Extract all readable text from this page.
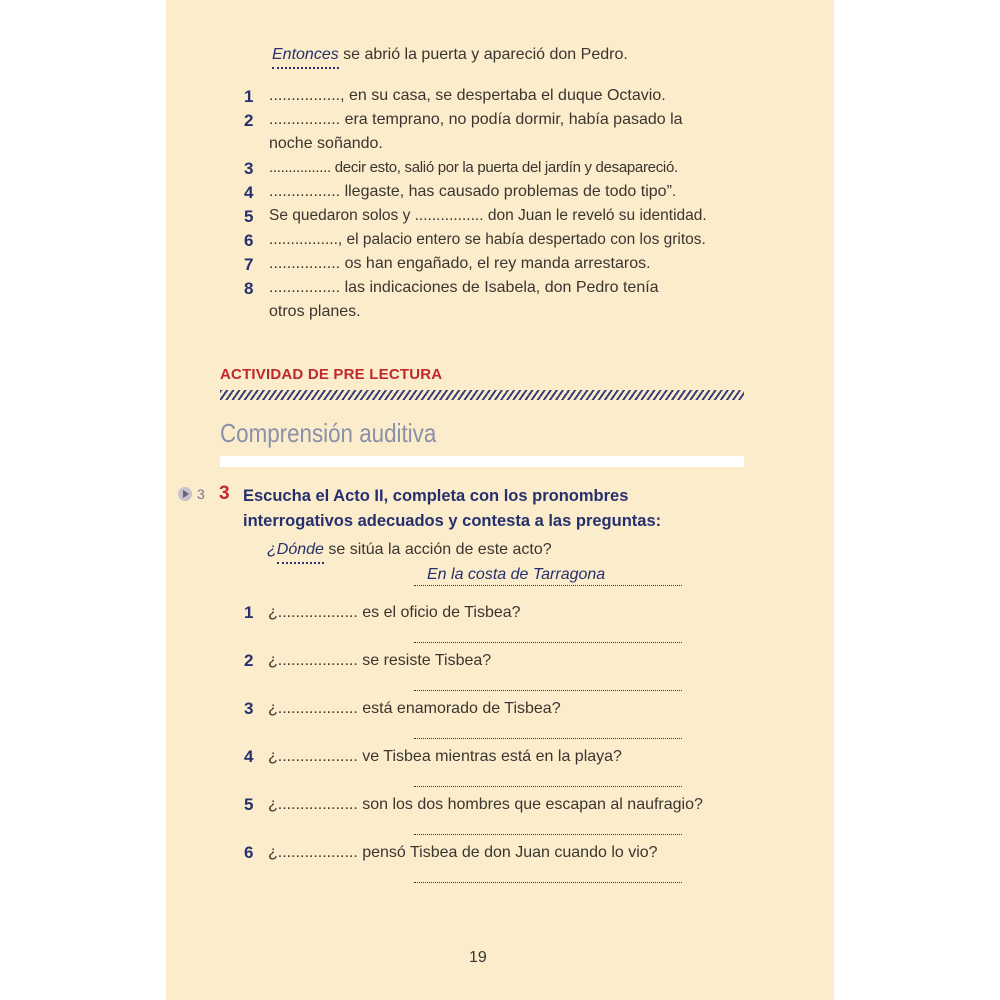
Entonces se abrió la puerta y apareció don Pedro.
1 ................, en su casa, se despertaba el duque Octavio.
2 ................ era temprano, no podía dormir, había pasado la
noche soñando.
3 ................ decir esto, salió por la puerta del jardín y desapareció.
4 ................ llegaste, has causado problemas de todo tipo”.
5 Se quedaron solos y ................ don Juan le reveló su identidad.
6 ................, el palacio entero se había despertado con los gritos.
7 ................ os han engañado, el rey manda arrestaros.
8 ................ las indicaciones de Isabela, don Pedro tenía
otros planes.
ACTIVIDAD DE PRE LECTURA
Comprensión auditiva
3 3 Escucha el Acto II, completa con los pronombres
interrogativos adecuados y contesta a las preguntas:
¿Dónde se sitúa la acción de este acto?
En la costa de Tarragona
1 ¿.................. es el oficio de Tisbea?
2 ¿.................. se resiste Tisbea?
3 ¿.................. está enamorado de Tisbea?
4 ¿.................. ve Tisbea mientras está en la playa?
5 ¿.................. son los dos hombres que escapan al naufragio?
6 ¿.................. pensó Tisbea de don Juan cuando lo vio?
19
